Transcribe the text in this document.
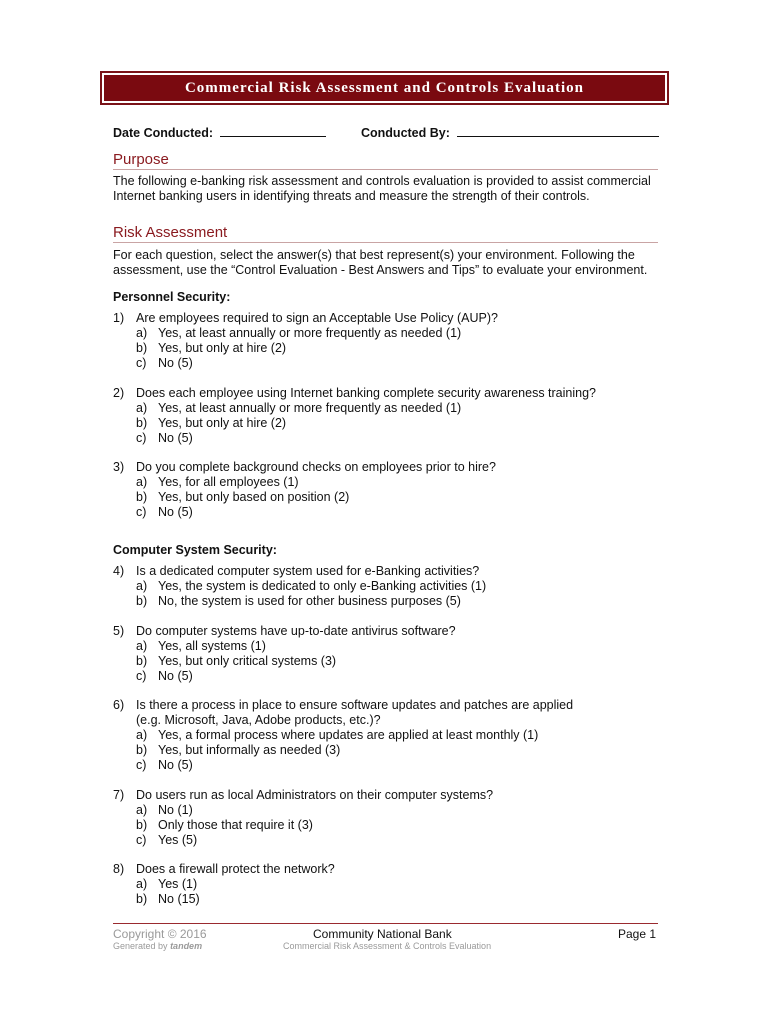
Commercial Risk Assessment and Controls Evaluation
Date Conducted:	Conducted By:
Purpose
The following e-banking risk assessment and controls evaluation is provided to assist commercial Internet banking users in identifying threats and measure the strength of their controls.
Risk Assessment
For each question, select the answer(s) that best represent(s) your environment. Following the assessment, use the “Control Evaluation - Best Answers and Tips” to evaluate your environment.
Personnel Security:
1) Are employees required to sign an Acceptable Use Policy (AUP)?
a) Yes, at least annually or more frequently as needed (1)
b) Yes, but only at hire (2)
c) No (5)
2) Does each employee using Internet banking complete security awareness training?
a) Yes, at least annually or more frequently as needed (1)
b) Yes, but only at hire (2)
c) No (5)
3) Do you complete background checks on employees prior to hire?
a) Yes, for all employees (1)
b) Yes, but only based on position (2)
c) No (5)
Computer System Security:
4) Is a dedicated computer system used for e-Banking activities?
a) Yes, the system is dedicated to only e-Banking activities (1)
b) No, the system is used for other business purposes (5)
5) Do computer systems have up-to-date antivirus software?
a) Yes, all systems (1)
b) Yes, but only critical systems (3)
c) No (5)
6) Is there a process in place to ensure software updates and patches are applied (e.g. Microsoft, Java, Adobe products, etc.)?
a) Yes, a formal process where updates are applied at least monthly (1)
b) Yes, but informally as needed (3)
c) No (5)
7) Do users run as local Administrators on their computer systems?
a) No (1)
b) Only those that require it (3)
c) Yes (5)
8) Does a firewall protect the network?
a) Yes (1)
b) No (15)
Copyright © 2016
Generated by tandem
Community National Bank
Commercial Risk Assessment & Controls Evaluation
Page 1
